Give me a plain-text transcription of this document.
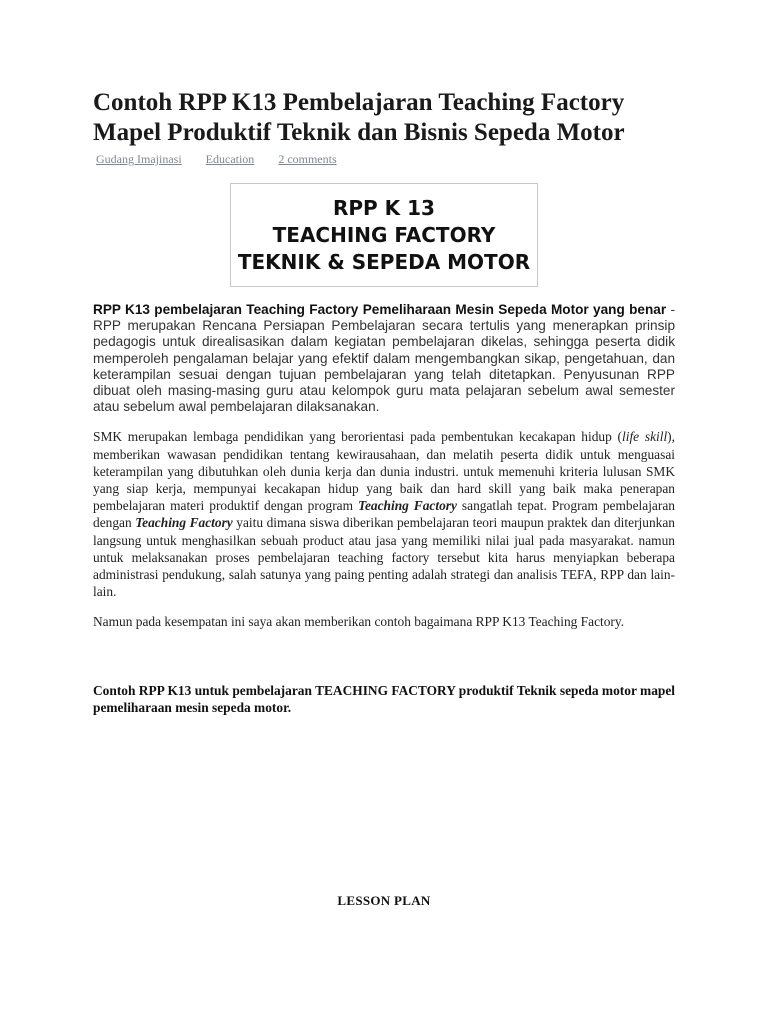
Contoh RPP K13 Pembelajaran Teaching Factory Mapel Produktif Teknik dan Bisnis Sepeda Motor
Gudang Imajinasi Education 2 comments
RPP K 13
TEACHING FACTORY
TEKNIK & SEPEDA MOTOR

RPP K13 pembelajaran Teaching Factory Pemeliharaan Mesin Sepeda Motor yang benar - RPP merupakan Rencana Persiapan Pembelajaran secara tertulis yang menerapkan prinsip pedagogis untuk direalisasikan dalam kegiatan pembelajaran dikelas, sehingga peserta didik memperoleh pengalaman belajar yang efektif dalam mengembangkan sikap, pengetahuan, dan keterampilan sesuai dengan tujuan pembelajaran yang telah ditetapkan. Penyusunan RPP dibuat oleh masing-masing guru atau kelompok guru mata pelajaran sebelum awal semester atau sebelum awal pembelajaran dilaksanakan.

SMK merupakan lembaga pendidikan yang berorientasi pada pembentukan kecakapan hidup (life skill), memberikan wawasan pendidikan tentang kewirausahaan, dan melatih peserta didik untuk menguasai keterampilan yang dibutuhkan oleh dunia kerja dan dunia industri. untuk memenuhi kriteria lulusan SMK yang siap kerja, mempunyai kecakapan hidup yang baik dan hard skill yang baik maka penerapan pembelajaran materi produktif dengan program Teaching Factory sangatlah tepat. Program pembelajaran dengan Teaching Factory yaitu dimana siswa diberikan pembelajaran teori maupun praktek dan diterjunkan langsung untuk menghasilkan sebuah product atau jasa yang memiliki nilai jual pada masyarakat. namun untuk melaksanakan proses pembelajaran teaching factory tersebut kita harus menyiapkan beberapa administrasi pendukung, salah satunya yang paing penting adalah strategi dan analisis TEFA, RPP dan lain-lain.

Namun pada kesempatan ini saya akan memberikan contoh bagaimana RPP K13 Teaching Factory.

Contoh RPP K13 untuk pembelajaran TEACHING FACTORY produktif Teknik sepeda motor mapel pemeliharaan mesin sepeda motor.

LESSON PLAN
